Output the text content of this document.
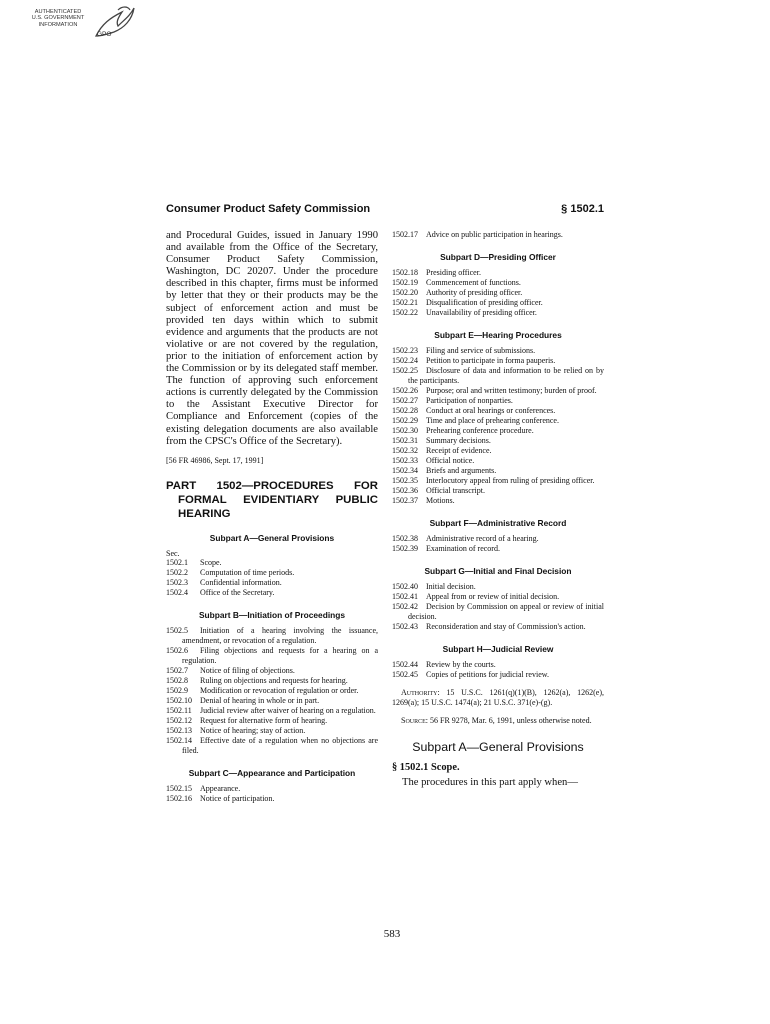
AUTHENTICATED
U.S. GOVERNMENT
INFORMATION
GPO
Consumer Product Safety Commission	§ 1502.1

and Procedural Guides, issued in January 1990 and available from the Office of the Secretary, Consumer Product Safety Commission, Washington, DC 20207. Under the procedure described in this chapter, firms must be informed by letter that they or their products may be the subject of enforcement action and must be provided ten days within which to submit evidence and arguments that the products are not violative or are not covered by the regulation, prior to the initiation of enforcement action by the Commission or by its delegated staff member. The function of approving such enforcement actions is currently delegated by the Commission to the Assistant Executive Director for Compliance and Enforcement (copies of the existing delegation documents are also available from the CPSC's Office of the Secretary).

[56 FR 46986, Sept. 17, 1991]

PART 1502—PROCEDURES FOR FORMAL EVIDENTIARY PUBLIC HEARING
Subpart A—General Provisions

Sec.

1502.1 Scope.
1502.2 Computation of time periods.
1502.3 Confidential information.
1502.4 Office of the Secretary.
Subpart B—Initiation of Proceedings
1502.5 Initiation of a hearing involving the issuance, amendment, or revocation of a regulation.
1502.6 Filing objections and requests for a hearing on a regulation.
1502.7 Notice of filing of objections.
1502.8 Ruling on objections and requests for hearing.
1502.9 Modification or revocation of regulation or order.
1502.10 Denial of hearing in whole or in part.
1502.11 Judicial review after waiver of hearing on a regulation.
1502.12 Request for alternative form of hearing.
1502.13 Notice of hearing; stay of action.
1502.14 Effective date of a regulation when no objections are filed.
Subpart C—Appearance and Participation
1502.15 Appearance.
1502.16 Notice of participation.
1502.17 Advice on public participation in hearings.
Subpart D—Presiding Officer
1502.18 Presiding officer.
1502.19 Commencement of functions.
1502.20 Authority of presiding officer.
1502.21 Disqualification of presiding officer.
1502.22 Unavailability of presiding officer.
Subpart E—Hearing Procedures
1502.23 Filing and service of submissions.
1502.24 Petition to participate in forma pauperis.
1502.25 Disclosure of data and information to be relied on by the participants.
1502.26 Purpose; oral and written testimony; burden of proof.
1502.27 Participation of nonparties.
1502.28 Conduct at oral hearings or conferences.
1502.29 Time and place of prehearing conference.
1502.30 Prehearing conference procedure.
1502.31 Summary decisions.
1502.32 Receipt of evidence.
1502.33 Official notice.
1502.34 Briefs and arguments.
1502.35 Interlocutory appeal from ruling of presiding officer.
1502.36 Official transcript.
1502.37 Motions.
Subpart F—Administrative Record
1502.38 Administrative record of a hearing.
1502.39 Examination of record.
Subpart G—Initial and Final Decision
1502.40 Initial decision.
1502.41 Appeal from or review of initial decision.
1502.42 Decision by Commission on appeal or review of initial decision.
1502.43 Reconsideration and stay of Commission's action.
Subpart H—Judicial Review
1502.44 Review by the courts.
1502.45 Copies of petitions for judicial review.

Authority: 15 U.S.C. 1261(q)(1)(B), 1262(a), 1262(e), 1269(a); 15 U.S.C. 1474(a); 21 U.S.C. 371(e)-(g).

Source: 56 FR 9278, Mar. 6, 1991, unless otherwise noted.

Subpart A—General Provisions

§ 1502.1 Scope.

The procedures in this part apply when—

583
